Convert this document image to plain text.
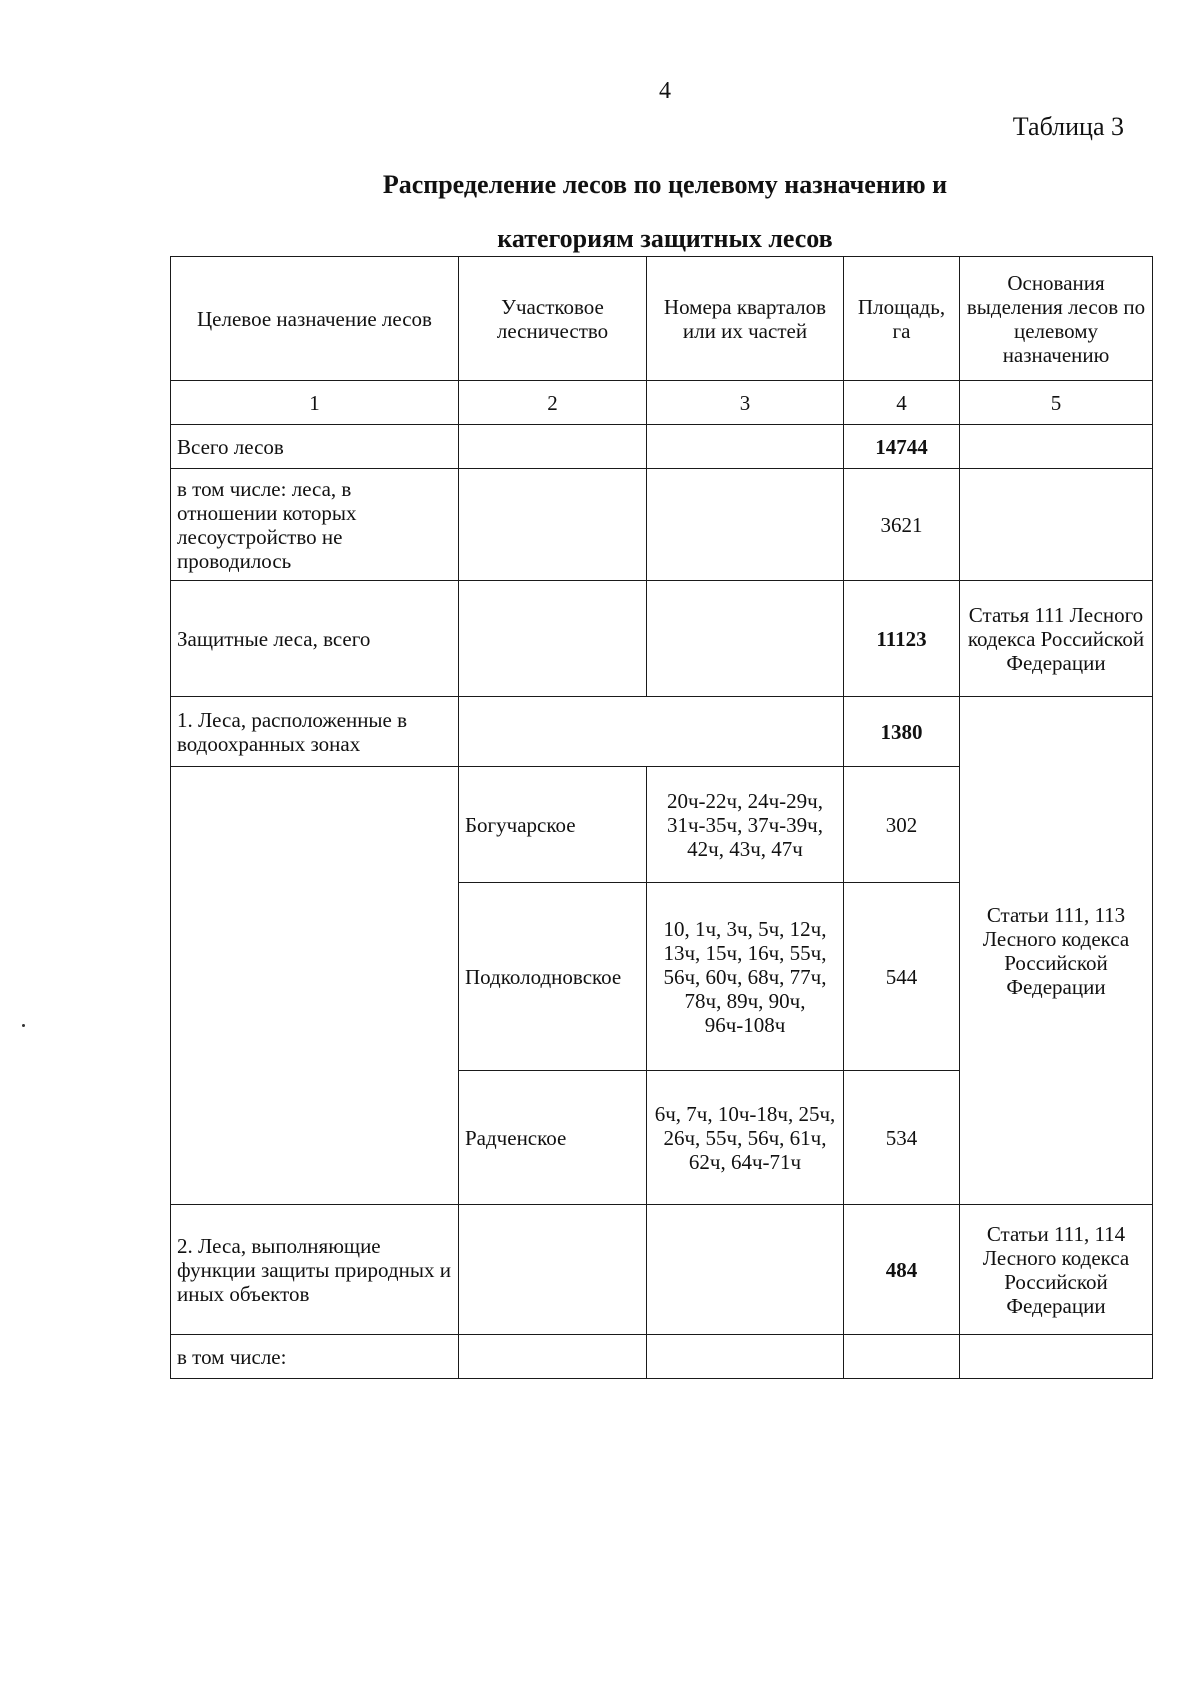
4
Таблица 3
Распределение лесов по целевому назначению и
категориям защитных лесов
Целевое назначение лесов	Участковое лесничество	Номера кварталов или их частей	Площадь, га	Основания выделения лесов по целевому назначению
1	2	3	4	5
Всего лесов			14744	
в том числе: леса, в отношении которых лесоустройство не проводилось			3621	
Защитные леса, всего			11123	Статья 111 Лесного кодекса Российской Федерации
1. Леса, расположенные в водоохранных зонах			1380	Статьи 111, 113 Лесного кодекса Российской Федерации
	Богучарское	20ч-22ч, 24ч-29ч, 31ч-35ч, 37ч-39ч, 42ч, 43ч, 47ч	302	
	Подколодновское	10, 1ч, 3ч, 5ч, 12ч, 13ч, 15ч, 16ч, 55ч, 56ч, 60ч, 68ч, 77ч, 78ч, 89ч, 90ч, 96ч-108ч	544	
	Радченское	6ч, 7ч, 10ч-18ч, 25ч, 26ч, 55ч, 56ч, 61ч, 62ч, 64ч-71ч	534	
2. Леса, выполняющие функции защиты природных и иных объектов			484	Статьи 111, 114 Лесного кодекса Российской Федерации
в том числе:				
